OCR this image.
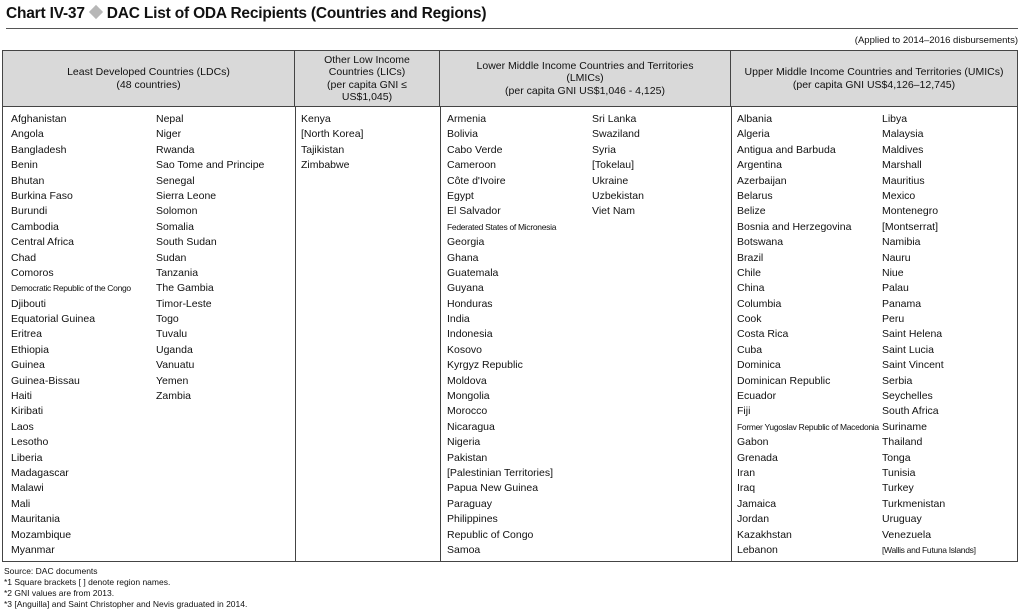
Chart IV-37 DAC List of ODA Recipients (Countries and Regions)
(Applied to 2014–2016 disbursements)
Least Developed Countries (LDCs)
(48 countries)
Other Low Income
Countries (LICs)
(per capita GNI ≤
US$1,045)
Lower Middle Income Countries and Territories
(LMICs)
(per capita GNI US$1,046 - 4,125)
Upper Middle Income Countries and Territories (UMICs)
(per capita GNI US$4,126–12,745)
Afghanistan
Angola
Bangladesh
Benin
Bhutan
Burkina Faso
Burundi
Cambodia
Central Africa
Chad
Comoros
Democratic Republic of the Congo
Djibouti
Equatorial Guinea
Eritrea
Ethiopia
Guinea
Guinea-Bissau
Haiti
Kiribati
Laos
Lesotho
Liberia
Madagascar
Malawi
Mali
Mauritania
Mozambique
Myanmar
Nepal
Niger
Rwanda
Sao Tome and Principe
Senegal
Sierra Leone
Solomon
Somalia
South Sudan
Sudan
Tanzania
The Gambia
Timor-Leste
Togo
Tuvalu
Uganda
Vanuatu
Yemen
Zambia
Kenya
[North Korea]
Tajikistan
Zimbabwe
Armenia
Bolivia
Cabo Verde
Cameroon
Côte d'Ivoire
Egypt
El Salvador
Federated States of Micronesia
Georgia
Ghana
Guatemala
Guyana
Honduras
India
Indonesia
Kosovo
Kyrgyz Republic
Moldova
Mongolia
Morocco
Nicaragua
Nigeria
Pakistan
[Palestinian Territories]
Papua New Guinea
Paraguay
Philippines
Republic of Congo
Samoa
Sri Lanka
Swaziland
Syria
[Tokelau]
Ukraine
Uzbekistan
Viet Nam
Albania
Algeria
Antigua and Barbuda
Argentina
Azerbaijan
Belarus
Belize
Bosnia and Herzegovina
Botswana
Brazil
Chile
China
Columbia
Cook
Costa Rica
Cuba
Dominica
Dominican Republic
Ecuador
Fiji
Former Yugoslav Republic of Macedonia
Gabon
Grenada
Iran
Iraq
Jamaica
Jordan
Kazakhstan
Lebanon
Libya
Malaysia
Maldives
Marshall
Mauritius
Mexico
Montenegro
[Montserrat]
Namibia
Nauru
Niue
Palau
Panama
Peru
Saint Helena
Saint Lucia
Saint Vincent
Serbia
Seychelles
South Africa
Suriname
Thailand
Tonga
Tunisia
Turkey
Turkmenistan
Uruguay
Venezuela
[Wallis and Futuna Islands]
Source: DAC documents
*1 Square brackets [ ] denote region names.
*2 GNI values are from 2013.
*3 [Anguilla] and Saint Christopher and Nevis graduated in 2014.
